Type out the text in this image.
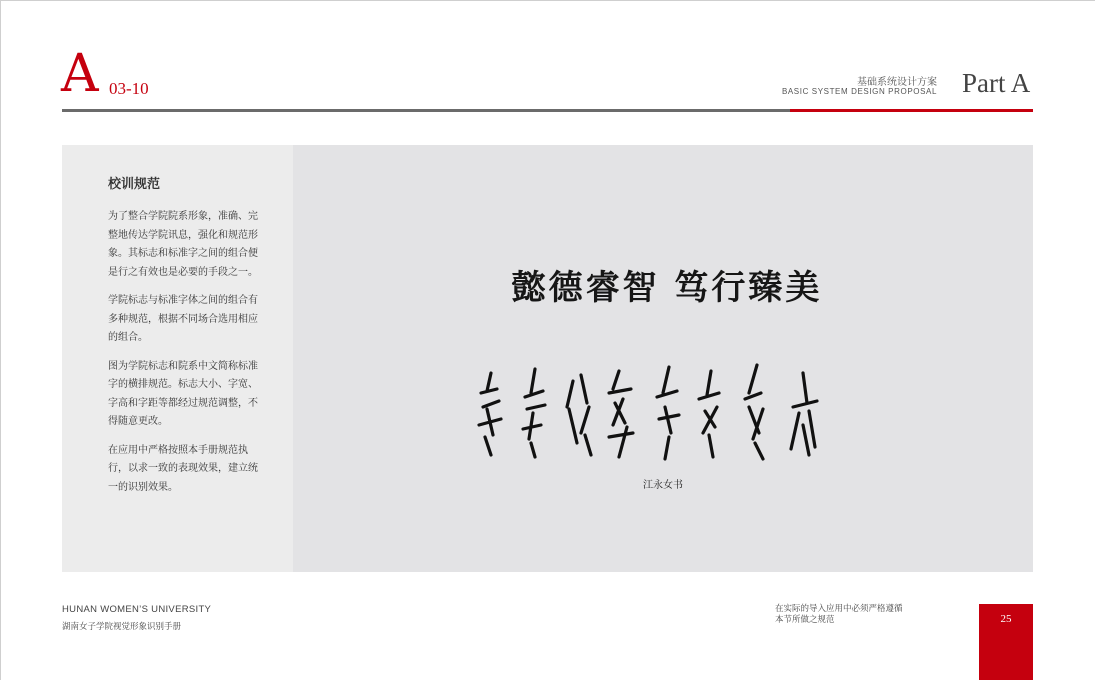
A 03-10	基础系统设计方案
BASIC SYSTEM DESIGN PROPOSAL Part A
校训规范

为了整合学院院系形象，准确、完整地传达学院讯息，强化和规范形象。其标志和标准字之间的组合便是行之有效也是必要的手段之一。

学院标志与标准字体之间的组合有多种规范，根据不同场合选用相应的组合。

图为学院标志和院系中文简称标准字的横排规范。标志大小、字宽、字高和字距等都经过规范调整，不得随意更改。

在应用中严格按照本手册规范执行，以求一致的表现效果，建立统一的识别效果。

懿德睿智 笃行臻美
江永女书
HUNAN WOMEN’S UNIVERSITY
湖南女子学院视觉形象识别手册
在实际的导入应用中必须严格遵循
本节所做之规范	25
